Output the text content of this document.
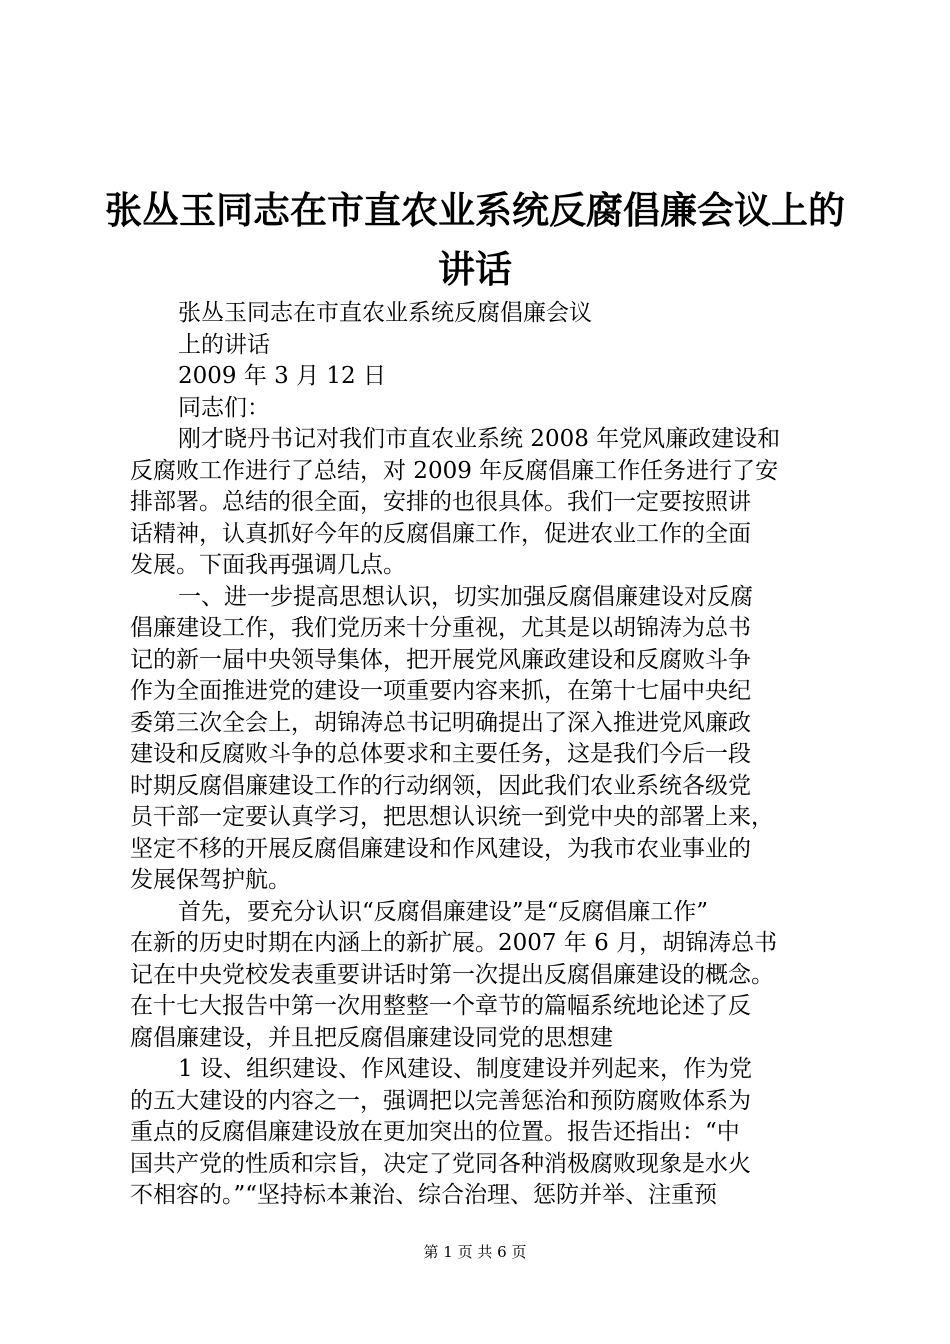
张丛玉同志在市直农业系统反腐倡廉会议上的
讲话
张丛玉同志在市直农业系统反腐倡廉会议
上的讲话
2009 年 3 月 12 日
同志们：
刚才晓丹书记对我们市直农业系统 2008 年党风廉政建设和
反腐败工作进行了总结，对 2009 年反腐倡廉工作任务进行了安
排部署。总结的很全面，安排的也很具体。我们一定要按照讲
话精神，认真抓好今年的反腐倡廉工作，促进农业工作的全面
发展。下面我再强调几点。
一、进一步提高思想认识，切实加强反腐倡廉建设对反腐
倡廉建设工作，我们党历来十分重视，尤其是以胡锦涛为总书
记的新一届中央领导集体，把开展党风廉政建设和反腐败斗争
作为全面推进党的建设一项重要内容来抓，在第十七届中央纪
委第三次全会上，胡锦涛总书记明确提出了深入推进党风廉政
建设和反腐败斗争的总体要求和主要任务，这是我们今后一段
时期反腐倡廉建设工作的行动纲领，因此我们农业系统各级党
员干部一定要认真学习，把思想认识统一到党中央的部署上来，
坚定不移的开展反腐倡廉建设和作风建设，为我市农业事业的
发展保驾护航。
首先，要充分认识“反腐倡廉建设”是“反腐倡廉工作”
在新的历史时期在内涵上的新扩展。2007 年 6 月，胡锦涛总书
记在中央党校发表重要讲话时第一次提出反腐倡廉建设的概念。
在十七大报告中第一次用整整一个章节的篇幅系统地论述了反
腐倡廉建设，并且把反腐倡廉建设同党的思想建
1 设、组织建设、作风建设、制度建设并列起来，作为党
的五大建设的内容之一，强调把以完善惩治和预防腐败体系为
重点的反腐倡廉建设放在更加突出的位置。报告还指出：“中
国共产党的性质和宗旨，决定了党同各种消极腐败现象是水火
不相容的。”“坚持标本兼治、综合治理、惩防并举、注重预
第 1 页 共 6 页
